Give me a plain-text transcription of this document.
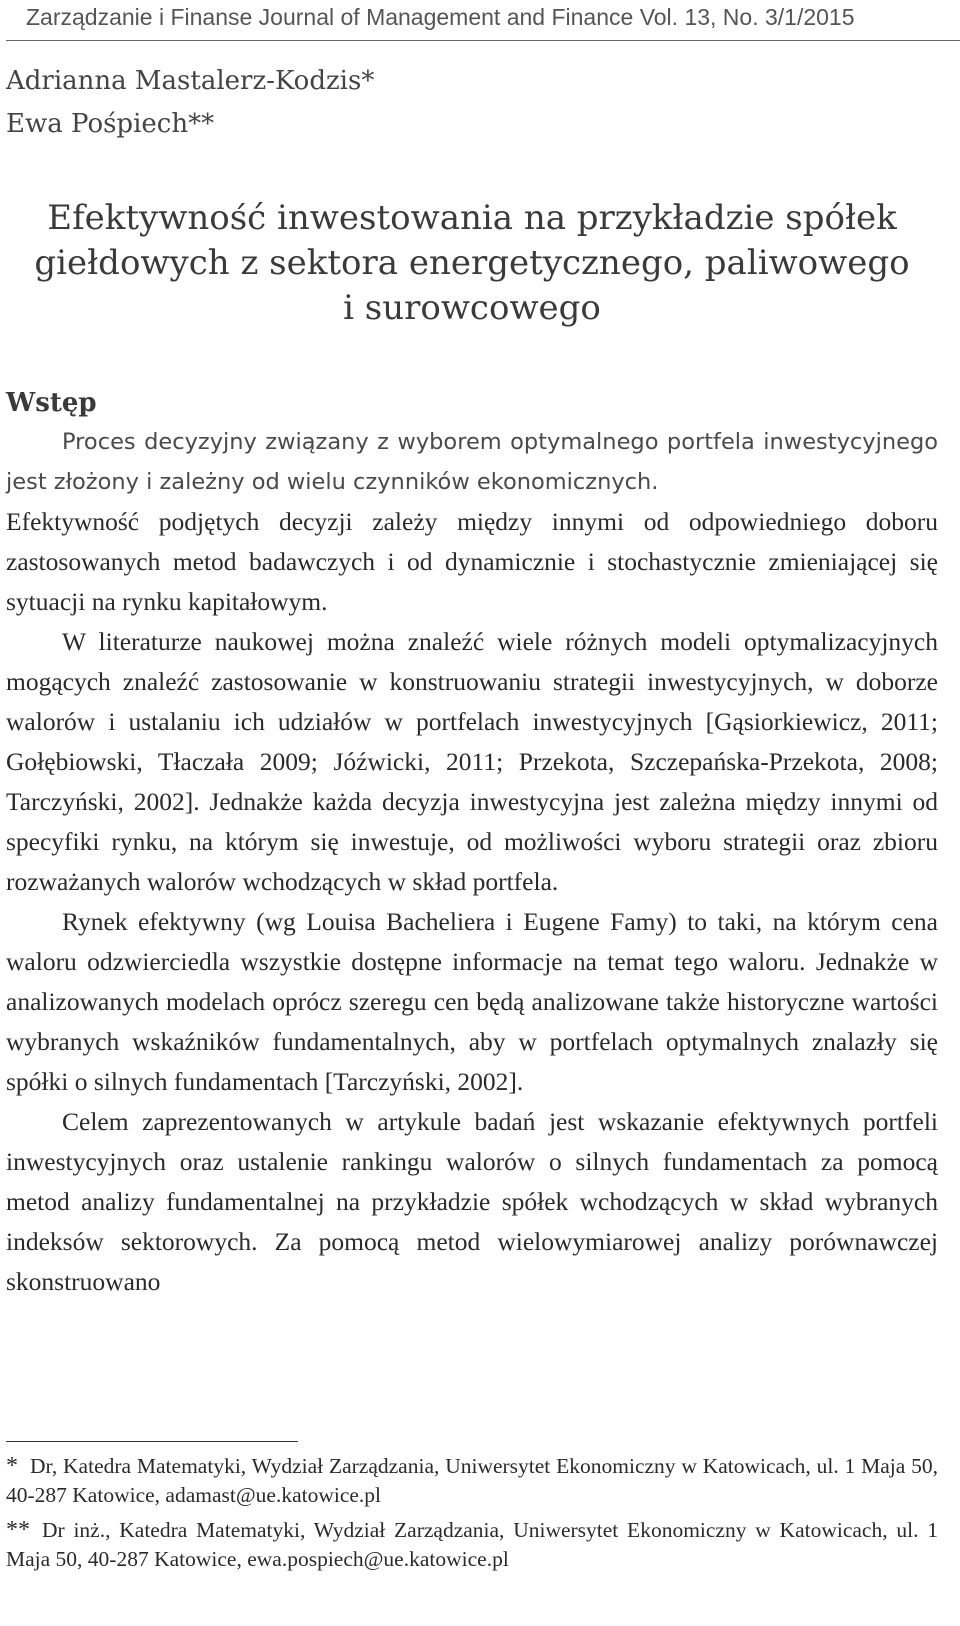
Zarządzanie i Finanse Journal of Management and Finance Vol. 13, No. 3/1/2015
Adrianna Mastalerz-Kodzis*
Ewa Pośpiech**
Efektywność inwestowania na przykładzie spółek
giełdowych z sektora energetycznego, paliwowego
i surowcowego
Wstęp

Proces decyzyjny związany z wyborem optymalnego portfela inwestycyjnego jest złożony i zależny od wielu czynników ekonomicznych.

Efektywność podjętych decyzji zależy między innymi od odpowiedniego doboru zastosowanych metod badawczych i od dynamicznie i stochastycznie zmieniającej się sytuacji na rynku kapitałowym.

W literaturze naukowej można znaleźć wiele różnych modeli optymalizacyjnych mogących znaleźć zastosowanie w konstruowaniu strategii inwestycyjnych, w doborze walorów i ustalaniu ich udziałów w portfelach inwestycyjnych [Gąsiorkiewicz, 2011; Gołębiowski, Tłaczała 2009; Jóźwicki, 2011; Przekota, Szczepańska-Przekota, 2008; Tarczyński, 2002]. Jednakże każda decyzja inwestycyjna jest zależna między innymi od specyfiki rynku, na którym się inwestuje, od możliwości wyboru strategii oraz zbioru rozważanych walorów wchodzących w skład portfela.

Rynek efektywny (wg Louisa Bacheliera i Eugene Famy) to taki, na którym cena waloru odzwierciedla wszystkie dostępne informacje na temat tego waloru. Jednakże w analizowanych modelach oprócz szeregu cen będą analizowane także historyczne wartości wybranych wskaźników fundamentalnych, aby w portfelach optymalnych znalazły się spółki o silnych fundamentach [Tarczyński, 2002].

Celem zaprezentowanych w artykule badań jest wskazanie efektywnych portfeli inwestycyjnych oraz ustalenie rankingu walorów o silnych fundamentach za pomocą metod analizy fundamentalnej na przykładzie spółek wchodzących w skład wybranych indeksów sektorowych. Za pomocą metod wielowymiarowej analizy porównawczej skonstruowano

* Dr, Katedra Matematyki, Wydział Zarządzania, Uniwersytet Ekonomiczny w Katowicach, ul. 1 Maja 50, 40-287 Katowice, adamast@ue.katowice.pl

** Dr inż., Katedra Matematyki, Wydział Zarządzania, Uniwersytet Ekonomiczny w Katowicach, ul. 1 Maja 50, 40-287 Katowice, ewa.pospiech@ue.katowice.pl
